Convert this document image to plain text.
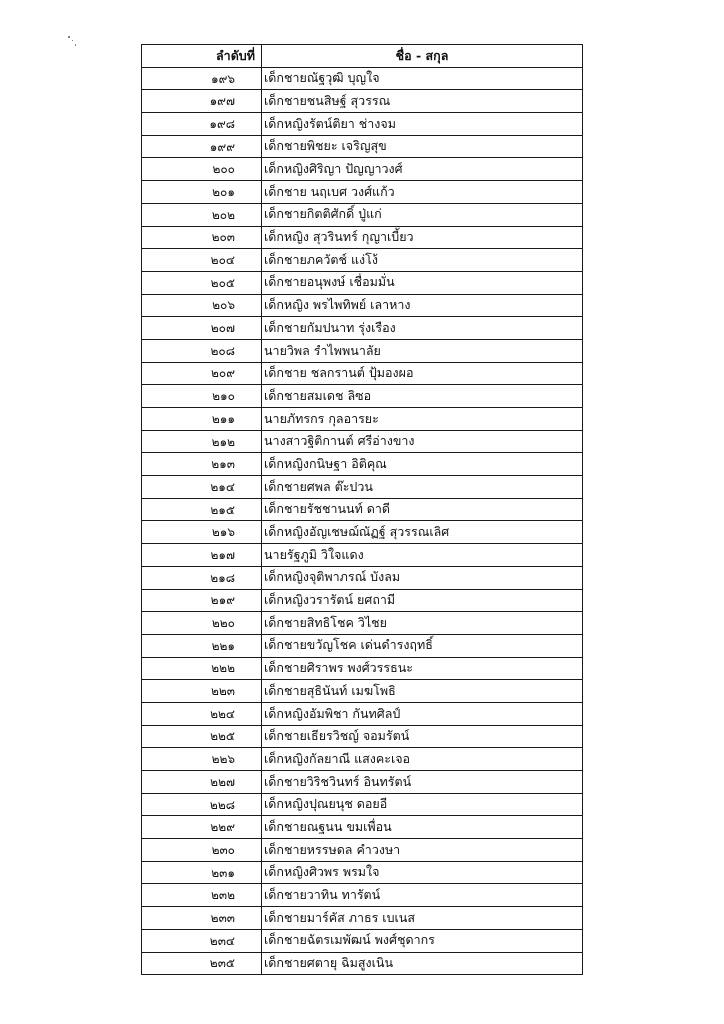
ลำดับที่	ชื่อ - สกุล
๑๙๖	เด็กชายณัฐวุฒิ บุญใจ
๑๙๗	เด็กชายชนสิษฐ์ สุวรรณ
๑๙๘	เด็กหญิงรัตน์ติยา ช่างจม
๑๙๙	เด็กชายพิชยะ เจริญสุข
๒๐๐	เด็กหญิงศิริญา ปัญญาวงศ์
๒๐๑	เด็กชาย นฤเบศ วงศ์แก้ว
๒๐๒	เด็กชายกิตติศักดิ์ ปู่แก่
๒๐๓	เด็กหญิง สุวรินทร์ กุญาเบี้ยว
๒๐๔	เด็กชายภควัตช์ แง่โง้
๒๐๕	เด็กชายอนุพงษ์ เชื่อมมั่น
๒๐๖	เด็กหญิง พรไพทิพย์ เลาหาง
๒๐๗	เด็กชายกัมปนาท รุ่งเรือง
๒๐๘	นายวิพล รำไพพนาลัย
๒๐๙	เด็กชาย ชลกรานต์ ปุ้มองผอ
๒๑๐	เด็กชายสมเดช ลิซอ
๒๑๑	นายภัทรกร กุลอารยะ
๒๑๒	นางสาวฐิติกานต์ ศรีอ่างขาง
๒๑๓	เด็กหญิงกนิษฐา อิติคุณ
๒๑๔	เด็กชายศพล ต๊ะปวน
๒๑๕	เด็กชายรัชชานนท์ ดาดี
๒๑๖	เด็กหญิงอัญเชษฌ์ณัฏฐ์ สุวรรณเลิศ
๒๑๗	นายรัฐภูมิ วิใจแดง
๒๑๘	เด็กหญิงจุติพาภรณ์ บังลม
๒๑๙	เด็กหญิงวรารัตน์ ยศถามี
๒๒๐	เด็กชายสิทธิโชค วิไชย
๒๒๑	เด็กชายขวัญโชค เด่นดำรงฤทธิ์
๒๒๒	เด็กชายศิราพร พงศ์วรรธนะ
๒๒๓	เด็กชายสุธินันท์ เมฆโพธิ
๒๒๔	เด็กหญิงอัมพิชา กันทศิลป์
๒๒๕	เด็กชายเธียรวิชญ์ จอมรัตน์
๒๒๖	เด็กหญิงกัลยาณี แสงคะเจอ
๒๒๗	เด็กชายวิริชวินทร์ อินทรัตน์
๒๒๘	เด็กหญิงปุณยนุช ดอยอี
๒๒๙	เด็กชายณฐนน ขมเพื่อน
๒๓๐	เด็กชายหรรษดล คำวงษา
๒๓๑	เด็กหญิงศิวพร พรมใจ
๒๓๒	เด็กชายวาทิน ทารัตน์
๒๓๓	เด็กชายมาร์คัส ภาธร เบเนส
๒๓๔	เด็กชายฉัตรเมพัฒน์ พงศ์ชุดากร
๒๓๕	เด็กชายศตายุ ฉิมสูงเนิน
